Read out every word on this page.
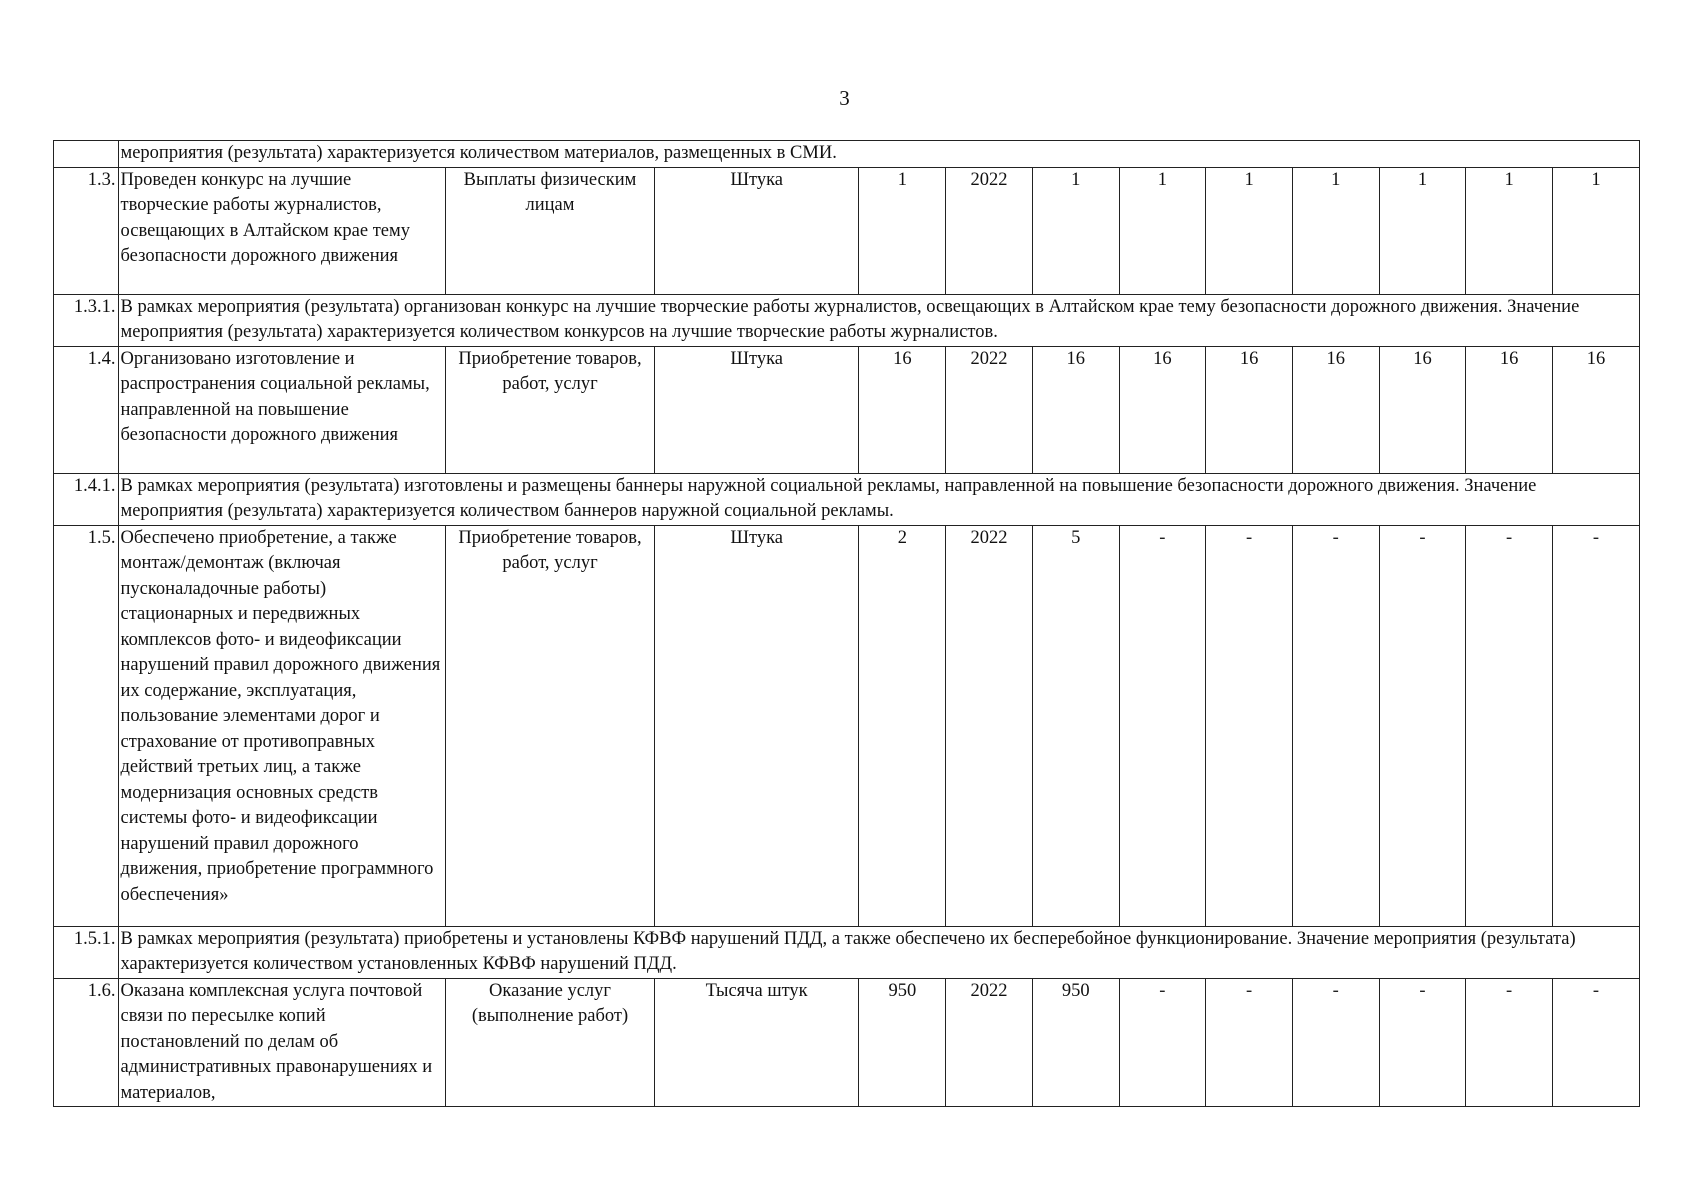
3
	мероприятия (результата) характеризуется количеством материалов, размещенных в СМИ.											
1.3.	Проведен конкурс на лучшие творческие работы журналистов, освещающих в Алтайском крае тему безопасности дорожного движения	Выплаты физическим лицам	Штука	1	2022	1	1	1	1	1	1	1
1.3.1.	В рамках мероприятия (результата) организован конкурс на лучшие творческие работы журналистов, освещающих в Алтайском крае тему безопасности дорожного движения. Значение мероприятия (результата) характеризуется количеством конкурсов на лучшие творческие работы журналистов.											
1.4.	Организовано изготовление и распространения социальной рекламы, направленной на повышение безопасности дорожного движения	Приобретение товаров, работ, услуг	Штука	16	2022	16	16	16	16	16	16	16
1.4.1.	В рамках мероприятия (результата) изготовлены и размещены баннеры наружной социальной рекламы, направленной на повышение безопасности дорожного движения. Значение мероприятия (результата) характеризуется количеством баннеров наружной социальной рекламы.											
1.5.	Обеспечено приобретение, а также монтаж/демонтаж (включая пусконаладочные работы) стационарных и передвижных комплексов фото- и видеофиксации нарушений правил дорожного движения их содержание, эксплуатация, пользование элементами дорог и страхование от противоправных действий третьих лиц, а также модернизация основных средств системы фото- и видеофиксации нарушений правил дорожного движения, приобретение программного обеспечения»	Приобретение товаров, работ, услуг	Штука	2	2022	5	-	-	-	-	-	-
1.5.1.	В рамках мероприятия (результата) приобретены и установлены КФВФ нарушений ПДД, а также обеспечено их бесперебойное функционирование. Значение мероприятия (результата) характеризуется количеством установленных КФВФ нарушений ПДД.											
1.6.	Оказана комплексная услуга почтовой связи по пересылке копий постановлений по делам об административных правонарушениях и материалов,	Оказание услуг (выполнение работ)	Тысяча штук	950	2022	950	-	-	-	-	-	-
